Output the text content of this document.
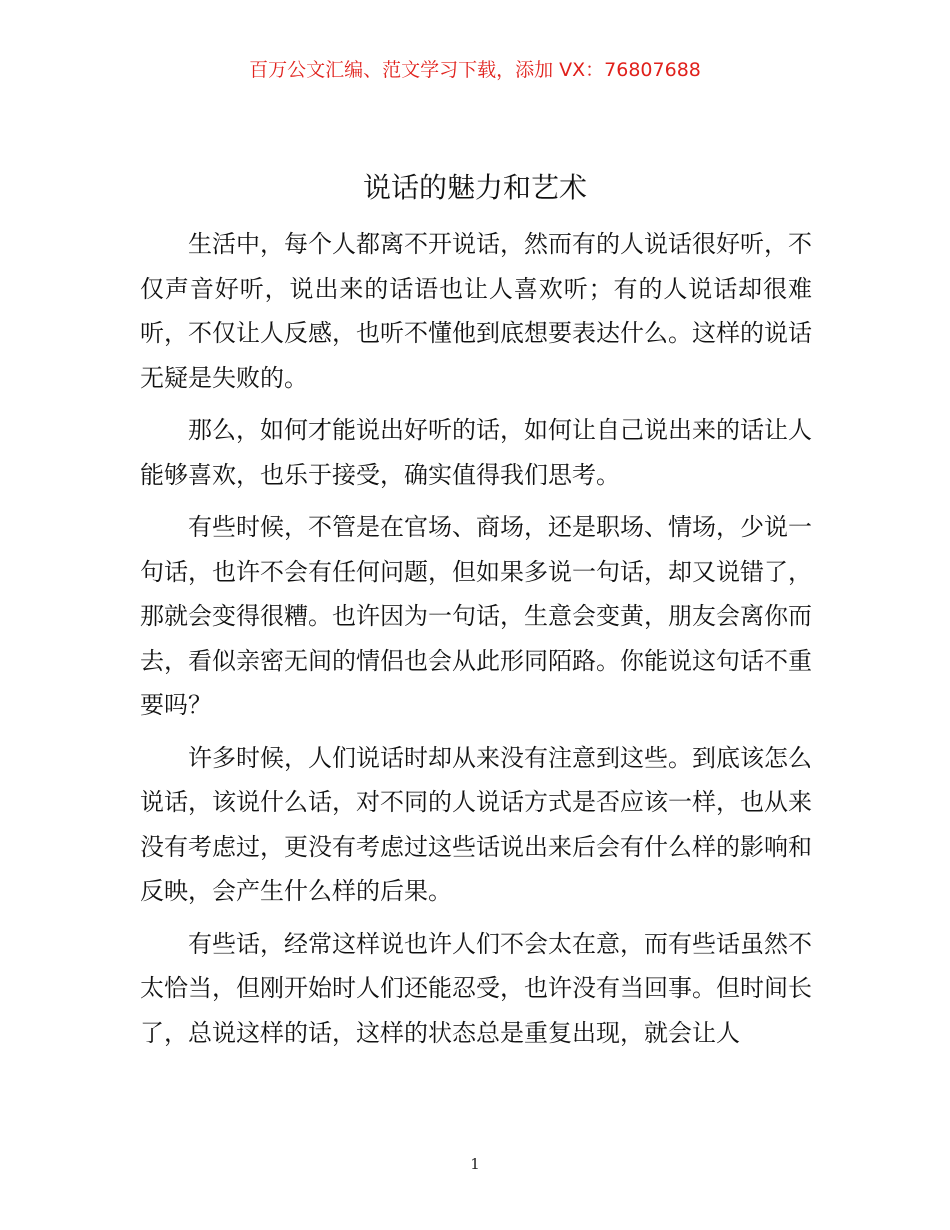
百万公文汇编、范文学习下载，添加 VX：76807688
说话的魅力和艺术

生活中，每个人都离不开说话，然而有的人说话很好听，不仅声音好听，说出来的话语也让人喜欢听；有的人说话却很难听，不仅让人反感，也听不懂他到底想要表达什么。这样的说话无疑是失败的。

那么，如何才能说出好听的话，如何让自己说出来的话让人能够喜欢，也乐于接受，确实值得我们思考。

有些时候，不管是在官场、商场，还是职场、情场，少说一句话，也许不会有任何问题，但如果多说一句话，却又说错了，那就会变得很糟。也许因为一句话，生意会变黄，朋友会离你而去，看似亲密无间的情侣也会从此形同陌路。你能说这句话不重要吗？

许多时候，人们说话时却从来没有注意到这些。到底该怎么说话，该说什么话，对不同的人说话方式是否应该一样，也从来没有考虑过，更没有考虑过这些话说出来后会有什么样的影响和反映，会产生什么样的后果。

有些话，经常这样说也许人们不会太在意，而有些话虽然不太恰当，但刚开始时人们还能忍受，也许没有当回事。但时间长了，总说这样的话，这样的状态总是重复出现，就会让人

1
